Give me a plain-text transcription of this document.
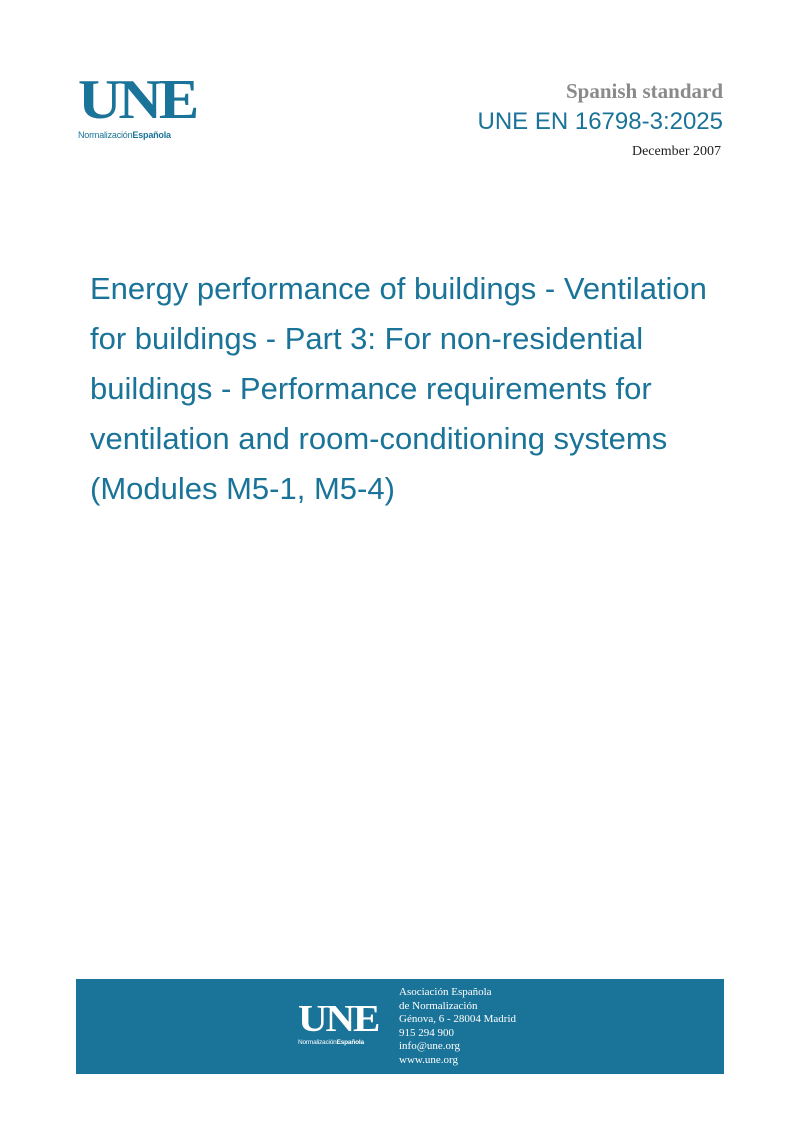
UNE
NormalizaciónEspañola
Spanish standard
UNE EN 16798-3:2025
December 2007
Energy performance of buildings - Ventilation
for buildings - Part 3: For non-residential
buildings - Performance requirements for
ventilation and room-conditioning systems
(Modules M5-1, M5-4)
UNE
NormalizaciónEspañola
Asociación Española
de Normalización
Génova, 6 - 28004 Madrid
915 294 900
info@une.org
www.une.org
